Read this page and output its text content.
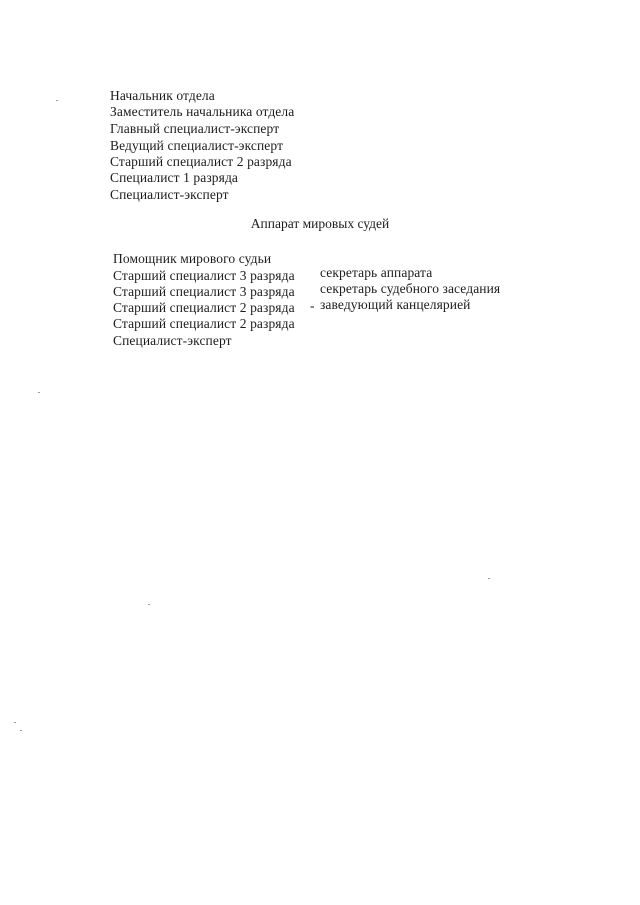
Начальник отдела
Заместитель начальника отдела
Главный специалист-эксперт
Ведущий специалист-эксперт
Старший специалист 2 разряда
Специалист 1 разряда
Специалист-эксперт
Аппарат мировых судей
Помощник мирового судьи
Старший специалист 3 разряда
Старший специалист 3 разряда
Старший специалист 2 разряда
Старший специалист 2 разряда
Специалист-эксперт
секретарь аппарата
секретарь судебного заседания
- заведующий канцелярией
